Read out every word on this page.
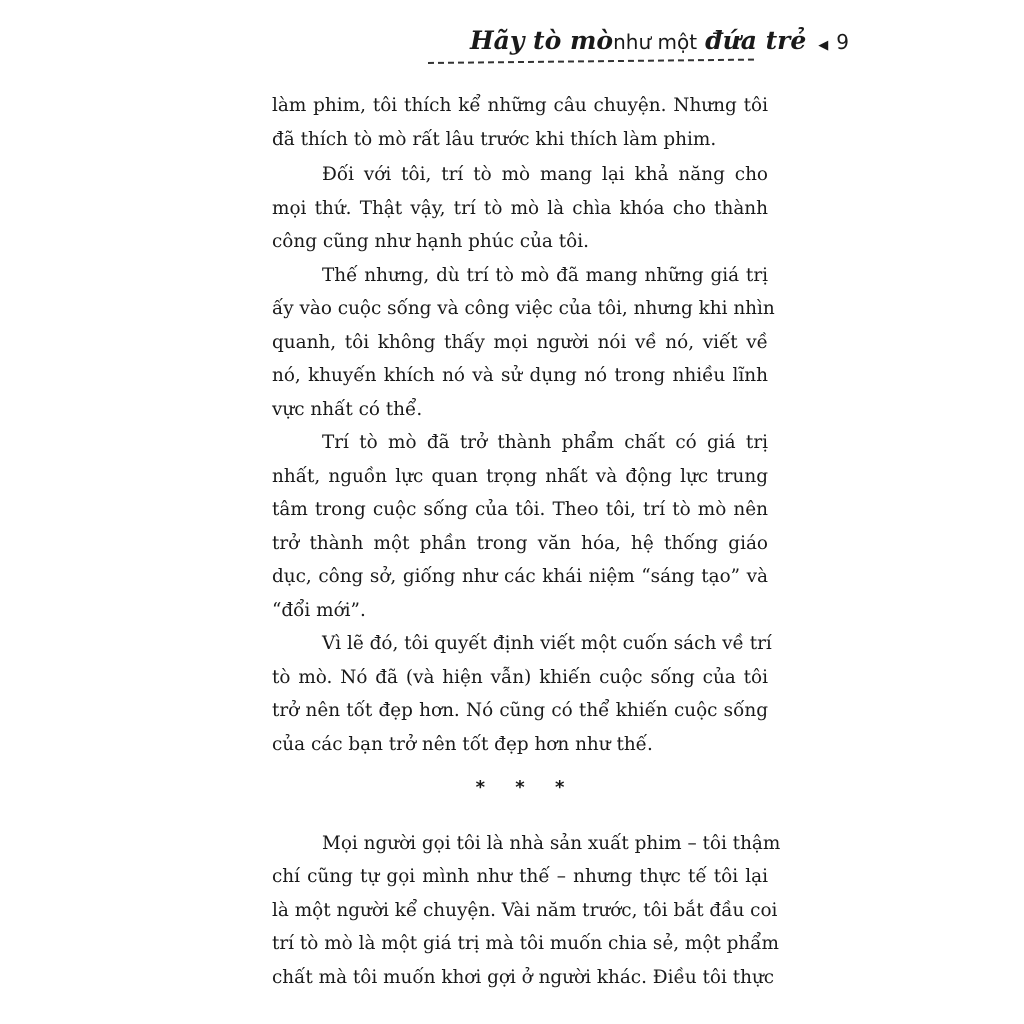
Hãy tò mò như một đứa trẻ ◀ 9
làm phim, tôi thích kể những câu chuyện. Nhưng tôi
đã thích tò mò rất lâu trước khi thích làm phim.
Đối với tôi, trí tò mò mang lại khả năng cho
mọi thứ. Thật vậy, trí tò mò là chìa khóa cho thành
công cũng như hạnh phúc của tôi.
Thế nhưng, dù trí tò mò đã mang những giá trị
ấy vào cuộc sống và công việc của tôi, nhưng khi nhìn
quanh, tôi không thấy mọi người nói về nó, viết về
nó, khuyến khích nó và sử dụng nó trong nhiều lĩnh
vực nhất có thể.
Trí tò mò đã trở thành phẩm chất có giá trị
nhất, nguồn lực quan trọng nhất và động lực trung
tâm trong cuộc sống của tôi. Theo tôi, trí tò mò nên
trở thành một phần trong văn hóa, hệ thống giáo
dục, công sở, giống như các khái niệm “sáng tạo” và
“đổi mới”.
Vì lẽ đó, tôi quyết định viết một cuốn sách về trí
tò mò. Nó đã (và hiện vẫn) khiến cuộc sống của tôi
trở nên tốt đẹp hơn. Nó cũng có thể khiến cuộc sống
của các bạn trở nên tốt đẹp hơn như thế.
* * *
Mọi người gọi tôi là nhà sản xuất phim – tôi thậm
chí cũng tự gọi mình như thế – nhưng thực tế tôi lại
là một người kể chuyện. Vài năm trước, tôi bắt đầu coi
trí tò mò là một giá trị mà tôi muốn chia sẻ, một phẩm
chất mà tôi muốn khơi gợi ở người khác. Điều tôi thực
